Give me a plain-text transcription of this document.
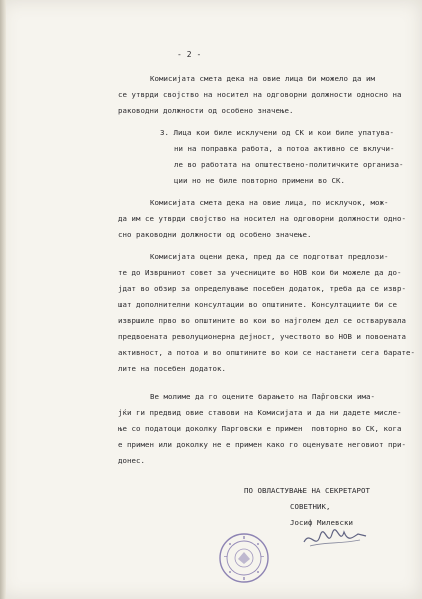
- 2 -
Комисијата смета дека на овие лица би можело да им
се утврди својство на носител на одговорни должности односно на
раководни должности од особено значење.
3. Лица кои биле исклучени од СК и кои биле упатува-
ни на поправка работа, а потоа активно се вклучи-
ле во работата на општествено-политичките организа-
ции но не биле повторно примени во СК.
Комисијата смета дека на овие лица, по исклучок, мож-
да им се утврди својство на носител на одговорни должности одно-
сно раководни должности од особено значење.
Комисијата оцени дека, пред да се подготват предлози-
те до Извршниот совет за учесниците во НОВ кои би можеле да до-
јдат во обзир за определување посебен додаток, треба да се извр-
шат дополнителни консултации во општините. Консултациите би се
извршиле прво во општините во кои во најголем дел се остварувала
предвоената револуционерна дејност, учеството во НОВ и повоената
активност, а потоа и во општините во кои се настанети сега барате-
лите на посебен додаток.
Ве молиме да го оцените барањето на Пар̌говски има-
јќи ги предвид овие ставови на Комисијата и да ни дадете мисле-
ње со податоци доколку Парговски е примен  повторно во СК, кога
е примен или доколку не е примен како го оценувате неговиот при-
донес.
ПО ОВЛАСТУВАЊЕ НА СЕКРЕТАРОТ
СОВЕТНИК,
Јосиф Милевски
